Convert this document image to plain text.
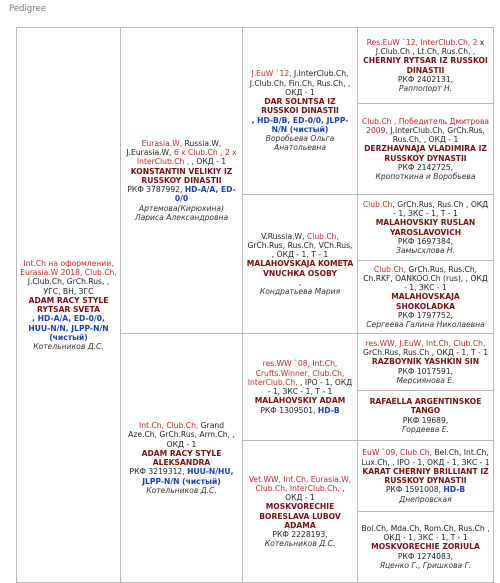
Pedigree
Int.Ch на оформлении, Eurasia.W 2018, Club.Ch, J.Club.Ch, GrCh.Rus, , УГС, ВН, ЗГС
ADAM RACY STYLE RYTSAR SVETA
, HD-A/A, ED-0/0, HUU-N/N, JLPP-N/N (чистый)
Котельников Д.С.	Eurasia.W, Russia.W, J.Eurasia.W, 6 x Club.Ch , 2 x InterClub.Ch , , ОКД - 1
KONSTANTIN VELIKIY IZ RUSSKOY DINASTII
РКФ 3787992, HD-A/A, ED-0/0
Артемова(Кирюхина) Лариса Александровна	J.EuW `12, J.InterClub.Ch, J.Club.Ch, Fin.Ch, Rus.Ch, , ОКД - 1
DAR SOLNTSA IZ RUSSKOI DINASTII
, HD-B/B, ED-0/0, JLPP-N/N (чистый)
Воробьева Ольга Анатольевна	Res.EuW `12, InterClub.Ch, 2 x J.Club.Ch , Lt.Ch, Rus.Ch, ,
CHERNIY RYTSAR IZ RUSSKOI DINASTII
РКФ 2402131,
Раппопорт Н.

			Club.Ch , Победитель Дмитрова 2009, J.InterClub.Ch, GrCh.Rus, Rus.Ch, , ОКД - 1
DERZHAVNAJA VLADIMIRA IZ RUSSKOY DYNASTII
РКФ 2142725,
Кропоткина и Воробьева

		V.Russia.W, Club.Ch, GrCh.Rus, Rus.Ch, VCh.Rus, , ОКД - 1, Т - 1
MALAHOVSKAJA KOMETA VNUCHKA OSOBY
,
Кондратьева Мария	Club.Ch, GrCh.Rus, Rus.Ch , ОКД - 1, ЗКС - 1, Т - 1
MALAHOVSKIY RUSLAN YAROSLAVOVICH
РКФ 1697384,
Замысхлова Н.

			Club.Ch, GrCh.Rus, Rus.Ch, Ch.RKF, OANKOO.Ch (rus), , ОКД - 1, ЗКС - 1
MALAHOVSKAJA SHOKOLADKA
РКФ 1797752,
Сергеева Галина Николаевна

	Int.Ch, Club.Ch, Grand Aze.Ch, GrCh.Rus, Arm.Ch, , ОКД - 1
ADAM RACY STYLE ALEKSANDRA
РКФ 3219312, HUU-N/HU, JLPP-N/N (чистый)
Котельников Д.С.	res.WW `08, Int.Ch, Crufts.Winner, Club.Ch, InterClub.Ch, , IPO - 1, ОКД - 1, ЗКС - 1, Т - 1
MALAHOVSKIY ADAM
РКФ 1309501, HD-B	res.WW, J.EuW, Int.Ch, Club.Ch, GrCh.Rus, Rus.Ch , ОКД - 1, Т - 1
RAZBOYNIK YASHKIN SIN
РКФ 1017591,
Мерсиянова Е.

			RAFAELLA ARGENTINSKOE TANGO
РКФ 19689,
Гордеева Е.

		Vet.WW, Int.Ch, Eurasia.W, Club.Ch, InterClub.Ch, , ОКД - 1
MOSKVORECHIE BORESLAVA LUBOV ADAMA
РКФ 2228193,
Котельников Д.С.	EuW `09, Club.Ch, Bel.Ch, Int.Ch, Lux.Ch, , IPO - 1, ОКД - 1, ЗКС - 1
KARAT CHERNIY BRILLIANT IZ RUSSKOY DYNASTII
РКФ 1591008, HD-B
Днепровская

			Bol.Ch, Mda.Ch, Rom.Ch, Rus.Ch , ОКД - 1, ЗКС - 1, Т - 1
MOSKVORECHIE ZORIULA
РКФ 1274083,
Яценко Г., Гришкова Г.
